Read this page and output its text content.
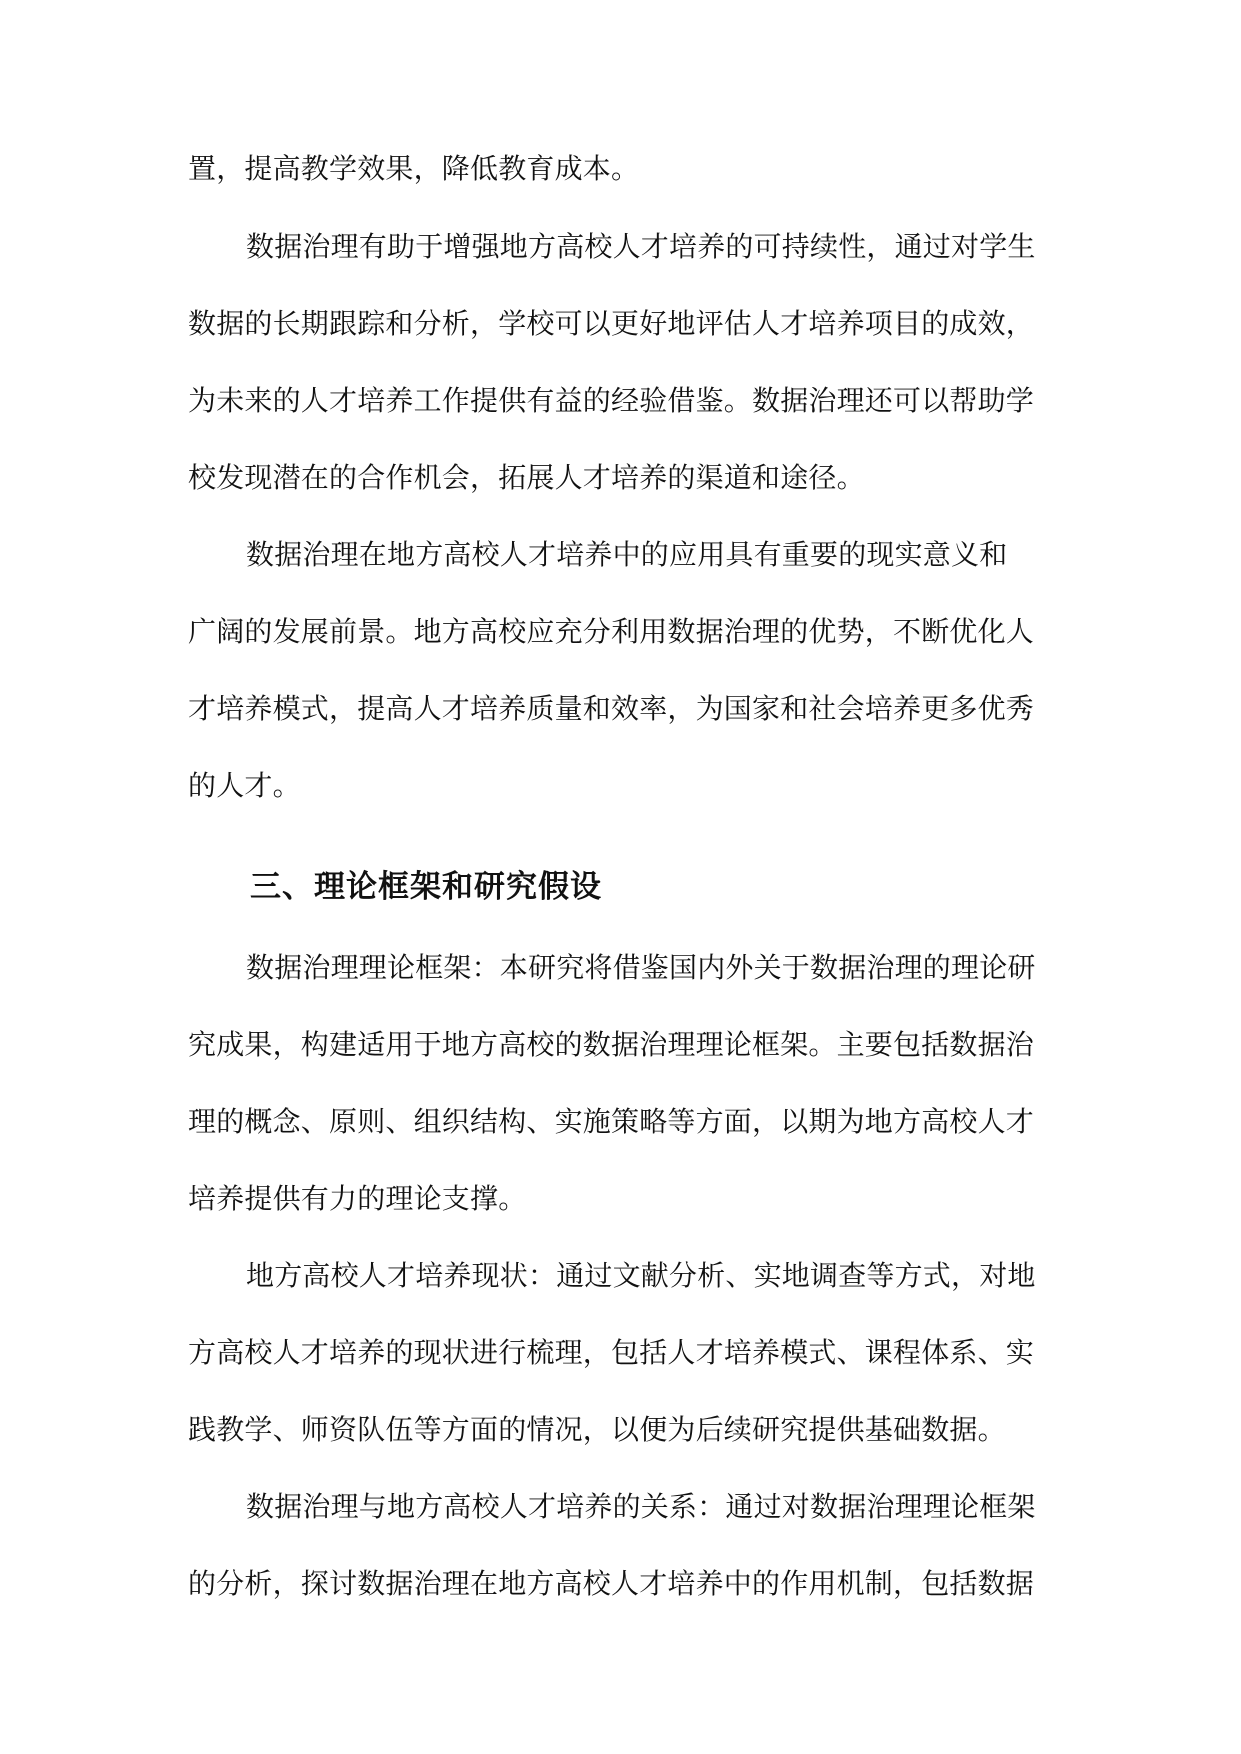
置，提高教学效果，降低教育成本。
数据治理有助于增强地方高校人才培养的可持续性，通过对学生
数据的长期跟踪和分析，学校可以更好地评估人才培养项目的成效，
为未来的人才培养工作提供有益的经验借鉴。数据治理还可以帮助学
校发现潜在的合作机会，拓展人才培养的渠道和途径。
数据治理在地方高校人才培养中的应用具有重要的现实意义和
广阔的发展前景。地方高校应充分利用数据治理的优势，不断优化人
才培养模式，提高人才培养质量和效率，为国家和社会培养更多优秀
的人才。
三、理论框架和研究假设
数据治理理论框架：本研究将借鉴国内外关于数据治理的理论研
究成果，构建适用于地方高校的数据治理理论框架。主要包括数据治
理的概念、原则、组织结构、实施策略等方面，以期为地方高校人才
培养提供有力的理论支撑。
地方高校人才培养现状：通过文献分析、实地调查等方式，对地
方高校人才培养的现状进行梳理，包括人才培养模式、课程体系、实
践教学、师资队伍等方面的情况，以便为后续研究提供基础数据。
数据治理与地方高校人才培养的关系：通过对数据治理理论框架
的分析，探讨数据治理在地方高校人才培养中的作用机制，包括数据
